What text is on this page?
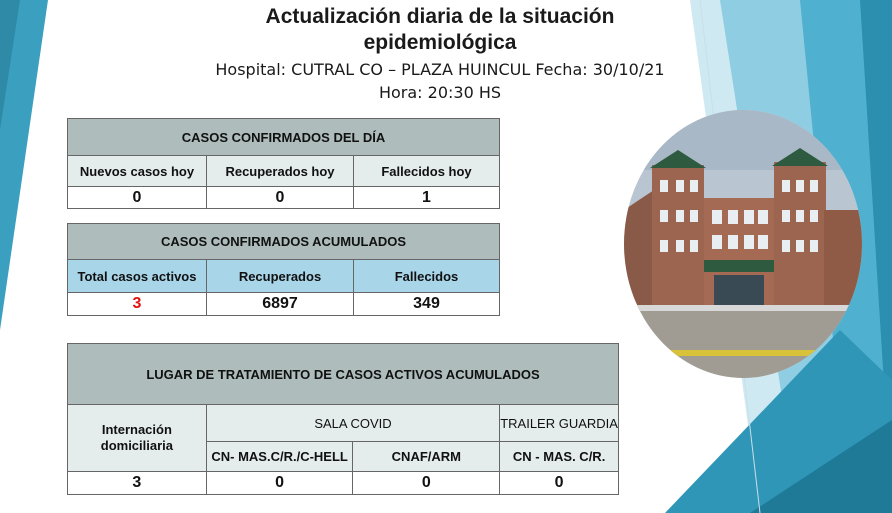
Actualización diaria de la situación
epidemiológica
Hospital: CUTRAL CO – PLAZA HUINCUL Fecha: 30/10/21
Hora: 20:30 HS
CASOS CONFIRMADOS DEL DÍA		
Nuevos casos hoy	Recuperados hoy	Fallecidos hoy
0	0	1
CASOS CONFIRMADOS ACUMULADOS		
Total casos activos	Recuperados	Fallecidos
3	6897	349
LUGAR DE TRATAMIENTO DE CASOS ACTIVOS ACUMULADOS			
Internación domiciliaria	SALA COVID		TRAILER GUARDIA
	CN- MAS.C/R./C-HELL	CNAF/ARM	CN - MAS. C/R.
3	0	0	0
